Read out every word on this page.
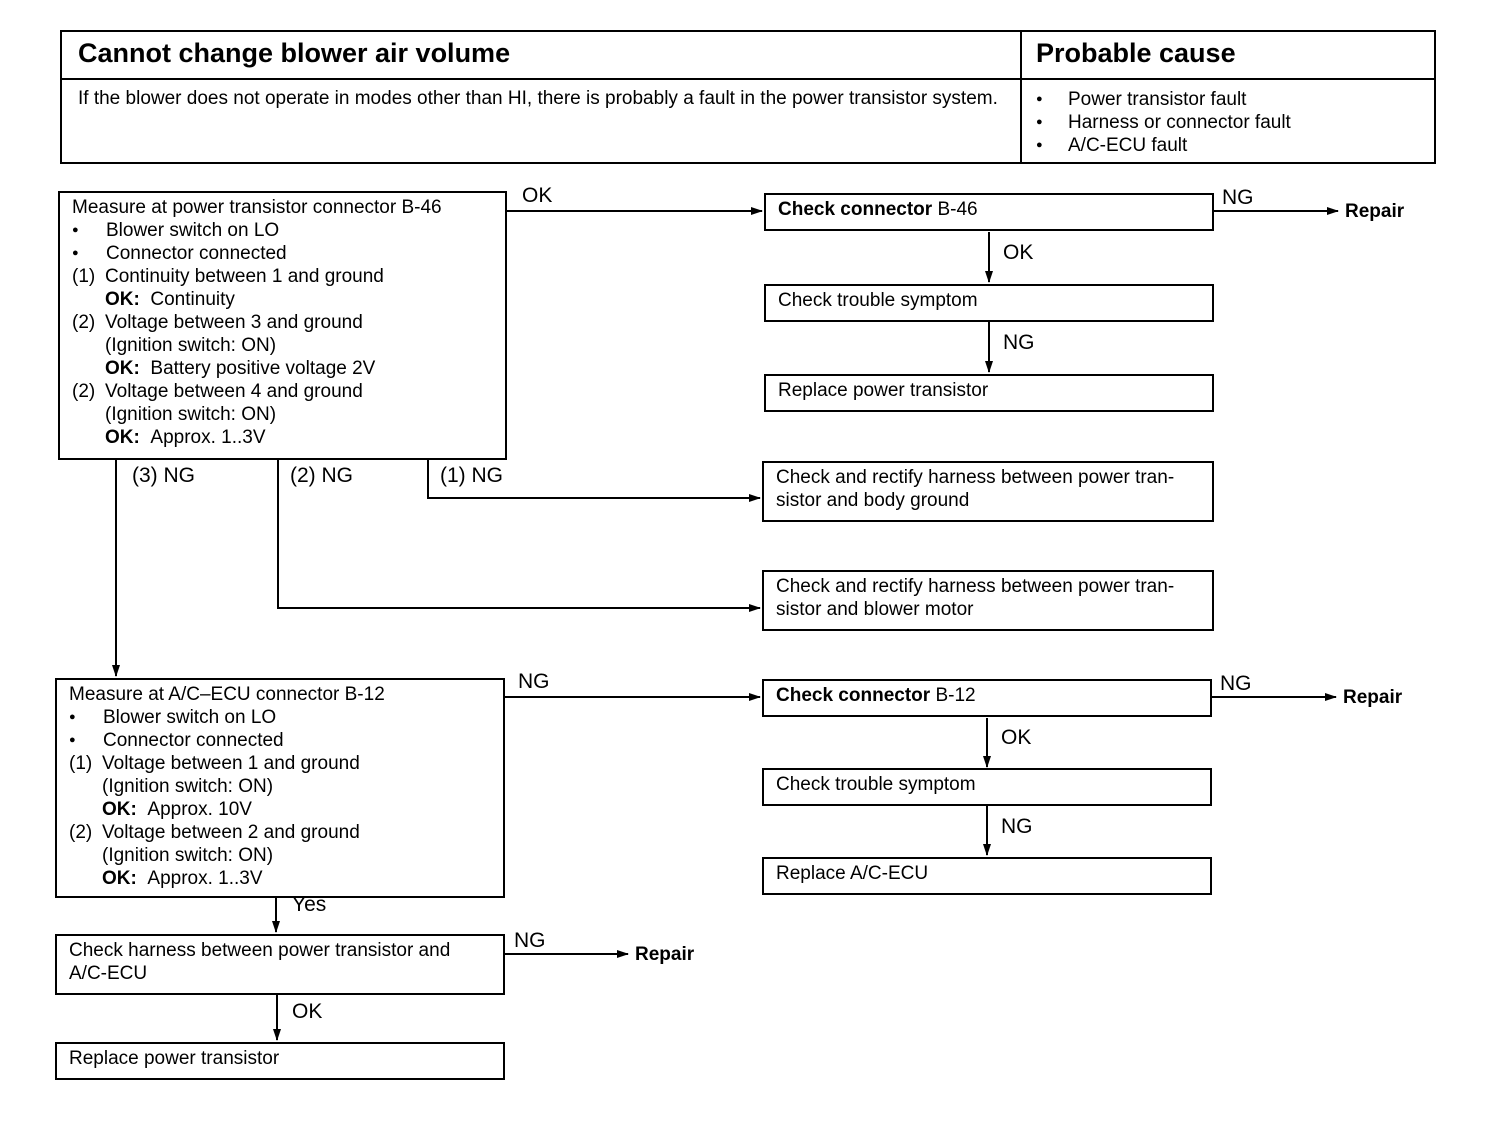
Cannot change blower air volume	Probable cause
If the blower does not operate in modes other than HI, there is probably a fault in the power transistor system.
●	Power transistor fault
● Harness or connector fault
● A/C-ECU fault
Measure at power transistor connector B-46
● Blower switch on LO
● Connector connected
(1) Continuity between 1 and ground
OK: Continuity
(2) Voltage between 3 and ground
(Ignition switch: ON)
OK: Battery positive voltage 2V
(2) Voltage between 4 and ground
(Ignition switch: ON)
OK: Approx. 1..3V
Check connector B-46
Check trouble symptom
Replace power transistor
Check and rectify harness between power tran-
sistor and body ground
Check and rectify harness between power tran-
sistor and blower motor
Measure at A/C–ECU connector B-12
● Blower switch on LO
● Connector connected
(1) Voltage between 1 and ground
(Ignition switch: ON)
OK: Approx. 10V
(2) Voltage between 2 and ground
(Ignition switch: ON)
OK: Approx. 1..3V
Check connector B-12
Check trouble symptom
Replace A/C-ECU
Check harness between power transistor and
A/C-ECU
Replace power transistor
OK	NG
Repair
OK
NG
(3) NG	(2) NG	(1) NG
NG	NG
Repair
OK
NG
Yes
NG
Repair
OK
